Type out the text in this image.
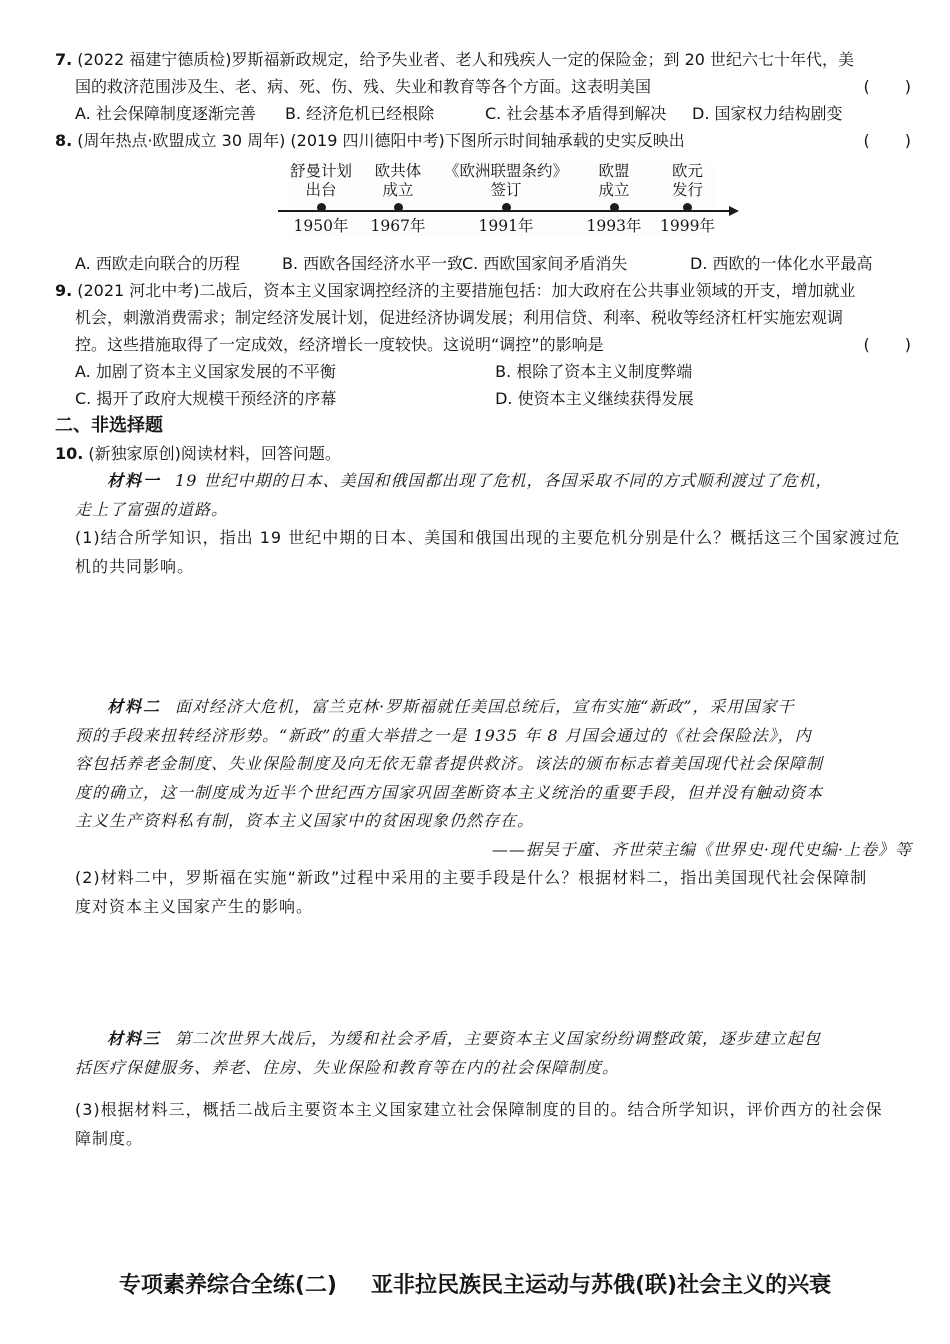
7. (2022 福建宁德质检)罗斯福新政规定，给予失业者、老人和残疾人一定的保险金；到 20 世纪六七十年代，美
国的救济范围涉及生、老、病、死、伤、残、失业和教育等各个方面。这表明美国	(　　)
A. 社会保障制度逐渐完善	B. 经济危机已经根除	C. 社会基本矛盾得到解决	D. 国家权力结构剧变
8. (周年热点·欧盟成立 30 周年) (2019 四川德阳中考)下图所示时间轴承载的史实反映出	(　　)
舒曼计划
出台
1950年
欧共体
成立
1967年
《欧洲联盟条约》
签订
1991年
欧盟
成立
1993年
欧元
发行
1999年
A. 西欧走向联合的历程	B. 西欧各国经济水平一致
C. 西欧国家间矛盾消失	D. 西欧的一体化水平最高
9. (2021 河北中考)二战后，资本主义国家调控经济的主要措施包括：加大政府在公共事业领域的开支，增加就业
机会，刺激消费需求；制定经济发展计划，促进经济协调发展；利用信贷、利率、税收等经济杠杆实施宏观调
控。这些措施取得了一定成效，经济增长一度较快。这说明“调控”的影响是	(　　)
A. 加剧了资本主义国家发展的不平衡	B. 根除了资本主义制度弊端
C. 揭开了政府大规模干预经济的序幕	D. 使资本主义继续获得发展
二、非选择题
10. (新独家原创)阅读材料，回答问题。
材料一 19 世纪中期的日本、美国和俄国都出现了危机，各国采取不同的方式顺利渡过了危机，
走上了富强的道路。
(1)结合所学知识，指出 19 世纪中期的日本、美国和俄国出现的主要危机分别是什么？概括这三个国家渡过危
机的共同影响。
材料二 面对经济大危机，富兰克林·罗斯福就任美国总统后，宣布实施“新政”，采用国家干
预的手段来扭转经济形势。“新政”的重大举措之一是 1935 年 8 月国会通过的《社会保险法》，内
容包括养老金制度、失业保险制度及向无依无靠者提供救济。该法的颁布标志着美国现代社会保障制
度的确立，这一制度成为近半个世纪西方国家巩固垄断资本主义统治的重要手段，但并没有触动资本
主义生产资料私有制，资本主义国家中的贫困现象仍然存在。
——据吴于廑、齐世荣主编《世界史·现代史编·上卷》等
(2)材料二中，罗斯福在实施“新政”过程中采用的主要手段是什么？根据材料二，指出美国现代社会保障制
度对资本主义国家产生的影响。
材料三 第二次世界大战后，为缓和社会矛盾，主要资本主义国家纷纷调整政策，逐步建立起包
括医疗保健服务、养老、住房、失业保险和教育等在内的社会保障制度。
(3)根据材料三，概括二战后主要资本主义国家建立社会保障制度的目的。结合所学知识，评价西方的社会保
障制度。
专项素养综合全练(二) 亚非拉民族民主运动与苏俄(联)社会主义的兴衰
